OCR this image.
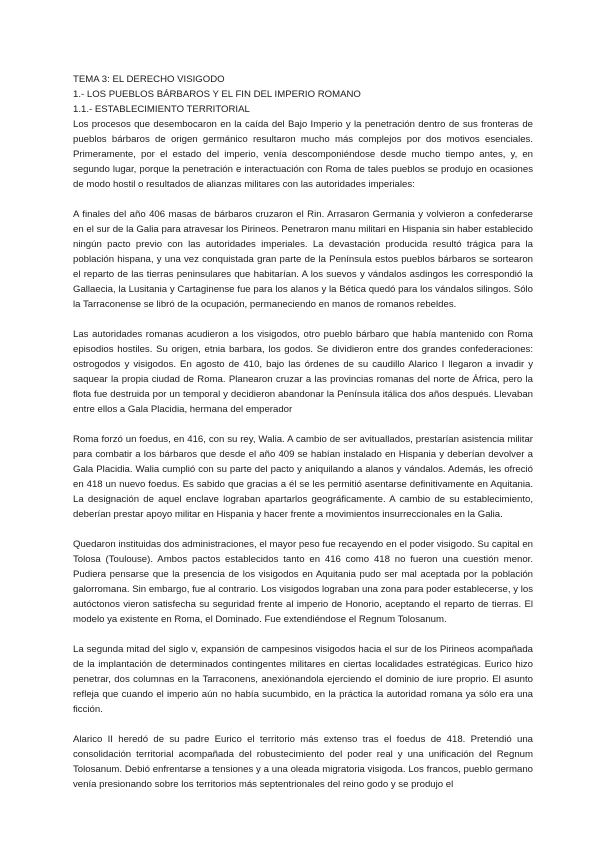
TEMA 3: EL DERECHO VISIGODO
1.- LOS PUEBLOS BÁRBAROS Y EL FIN DEL IMPERIO ROMANO
1.1.- ESTABLECIMIENTO TERRITORIAL

Los procesos que desembocaron en la caída del Bajo Imperio y la penetración dentro de sus fronteras de pueblos bárbaros de origen germánico resultaron mucho más complejos por dos motivos esenciales. Primeramente, por el estado del imperio, venía descomponiéndose desde mucho tiempo antes, y, en segundo lugar, porque la penetración e interactuación con Roma de tales pueblos se produjo en ocasiones de modo hostil o resultados de alianzas militares con las autoridades imperiales:

A finales del año 406 masas de bárbaros cruzaron el Rin. Arrasaron Germania y volvieron a confederarse en el sur de la Galia para atravesar los Pirineos. Penetraron manu militari en Hispania sin haber establecido ningún pacto previo con las autoridades imperiales. La devastación producida resultó trágica para la población hispana, y una vez conquistada gran parte de la Península estos pueblos bárbaros se sortearon el reparto de las tierras peninsulares que habitarían. A los suevos y vándalos asdingos les correspondió la Gallaecia, la Lusitania y Cartaginense fue para los alanos y la Bética quedó para los vándalos silingos. Sólo la Tarraconense se libró de la ocupación, permaneciendo en manos de romanos rebeldes.

Las autoridades romanas acudieron a los visigodos, otro pueblo bárbaro que había mantenido con Roma episodios hostiles. Su origen, etnia barbara, los godos. Se dividieron entre dos grandes confederaciones: ostrogodos y visigodos. En agosto de 410, bajo las órdenes de su caudillo Alarico I llegaron a invadir y saquear la propia ciudad de Roma. Planearon cruzar a las provincias romanas del norte de África, pero la flota fue destruida por un temporal y decidieron abandonar la Península itálica dos años después. Llevaban entre ellos a Gala Placidia, hermana del emperador

Roma forzó un foedus, en 416, con su rey, Walia. A cambio de ser avituallados, prestarían asistencia militar para combatir a los bárbaros que desde el año 409 se habían instalado en Hispania y deberían devolver a Gala Placidia. Walia cumplió con su parte del pacto y aniquilando a alanos y vándalos. Además, les ofreció en 418 un nuevo foedus. Es sabido que gracias a él se les permitió asentarse definitivamente en Aquitania. La designación de aquel enclave lograban apartarlos geográficamente. A cambio de su establecimiento, deberían prestar apoyo militar en Hispania y hacer frente a movimientos insurreccionales en la Galia.

Quedaron instituidas dos administraciones, el mayor peso fue recayendo en el poder visigodo. Su capital en Tolosa (Toulouse). Ambos pactos establecidos tanto en 416 como 418 no fueron una cuestión menor. Pudiera pensarse que la presencia de los visigodos en Aquitania pudo ser mal aceptada por la población galorromana. Sin embargo, fue al contrario. Los visigodos lograban una zona para poder establecerse, y los autóctonos vieron satisfecha su seguridad frente al imperio de Honorio, aceptando el reparto de tierras. El modelo ya existente en Roma, el Dominado. Fue extendiéndose el Regnum Tolosanum.

La segunda mitad del siglo v, expansión de campesinos visigodos hacia el sur de los Pirineos acompañada de la implantación de determinados contingentes militares en ciertas localidades estratégicas. Eurico hizo penetrar, dos columnas en la Tarraconens, anexiónandola ejerciendo el dominio de iure proprio. El asunto refleja que cuando el imperio aún no había sucumbido, en la práctica la autoridad romana ya sólo era una ficción.

Alarico II heredó de su padre Eurico el territorio más extenso tras el foedus de 418. Pretendió una consolidación territorial acompañada del robustecimiento del poder real y una unificación del Regnum Tolosanum. Debió enfrentarse a tensiones y a una oleada migratoria visigoda. Los francos, pueblo germano venía presionando sobre los territorios más septentrionales del reino godo y se produjo el
